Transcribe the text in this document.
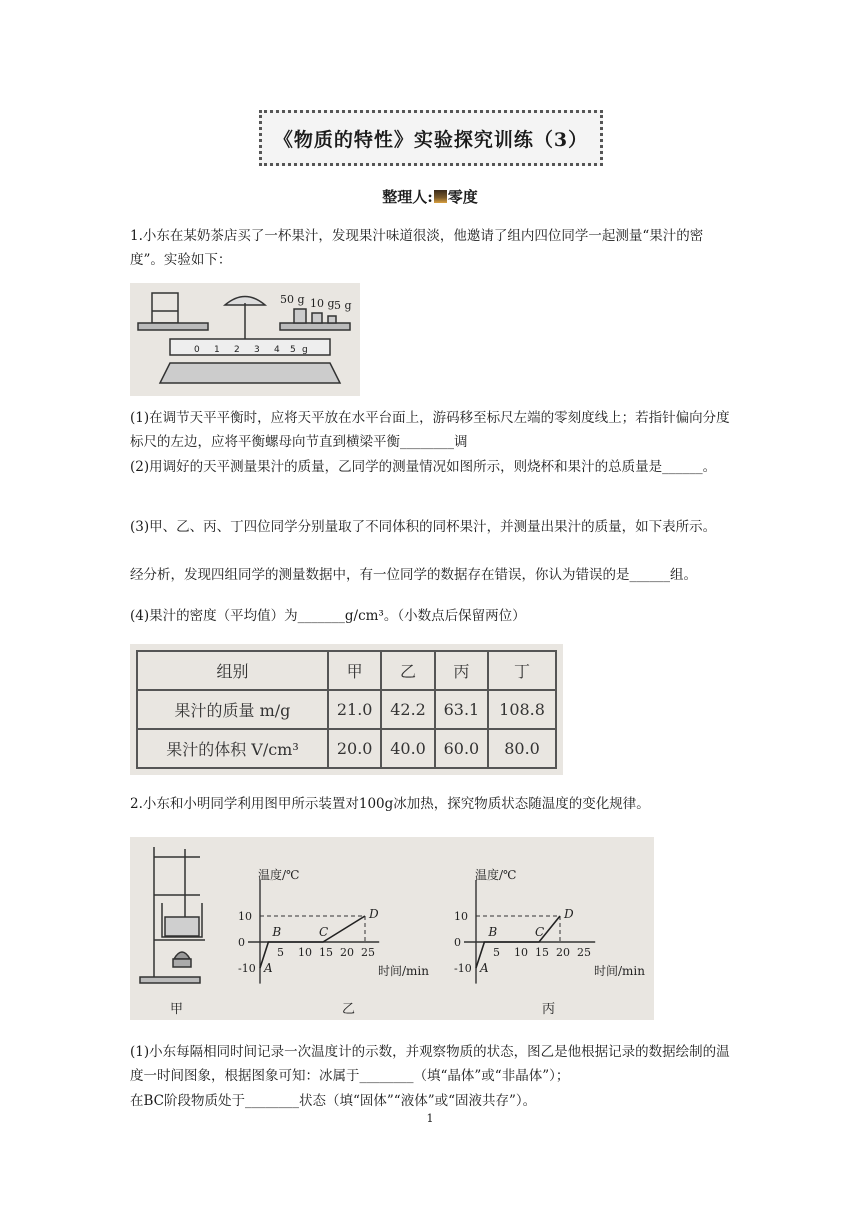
《物质的特性》实验探究训练（3）
整理人: 零度
1.小东在某奶茶店买了一杯果汁，发现果汁味道很淡，他邀请了组内四位同学一起测量“果汁的密度”。实验如下：
50 g 10 g 5 g
0 1 2 3 4 5 g
(1)在调节天平平衡时，应将天平放在水平台面上，游码移至标尺左端的零刻度线上；若指针偏向分度标尺的左边，应将平衡螺母向节直到横梁平衡________调
(2)用调好的天平测量果汁的质量，乙同学的测量情况如图所示，则烧杯和果汁的总质量是______。
(3)甲、乙、丙、丁四位同学分别量取了不同体积的同杯果汁，并测量出果汁的质量，如下表所示。
经分析，发现四组同学的测量数据中，有一位同学的数据存在错误，你认为错误的是______组。
(4)果汁的密度（平均值）为_______g/cm³。（小数点后保留两位）
组别	甲	乙	丙	丁
果汁的质量 m/g	21.0	42.2	63.1	108.8
果汁的体积 V/cm³	20.0	40.0	60.0	80.0
2.小东和小明同学利用图甲所示装置对100g冰加热，探究物质状态随温度的变化规律。
甲	乙	丙
温度/℃
时间/min
5 10 15 20 25
10
0
-10 A
B	C
D
温度/℃
时间/min
5 10 15 20 25
10
0
-10 A
B	C
D
(1)小东每隔相同时间记录一次温度计的示数，并观察物质的状态，图乙是他根据记录的数据绘制的温度一时间图象，根据图象可知：冰属于________（填“晶体”或“非晶体”）；
在BC阶段物质处于________状态（填“固体”“液体”或“固液共存”）。
1
